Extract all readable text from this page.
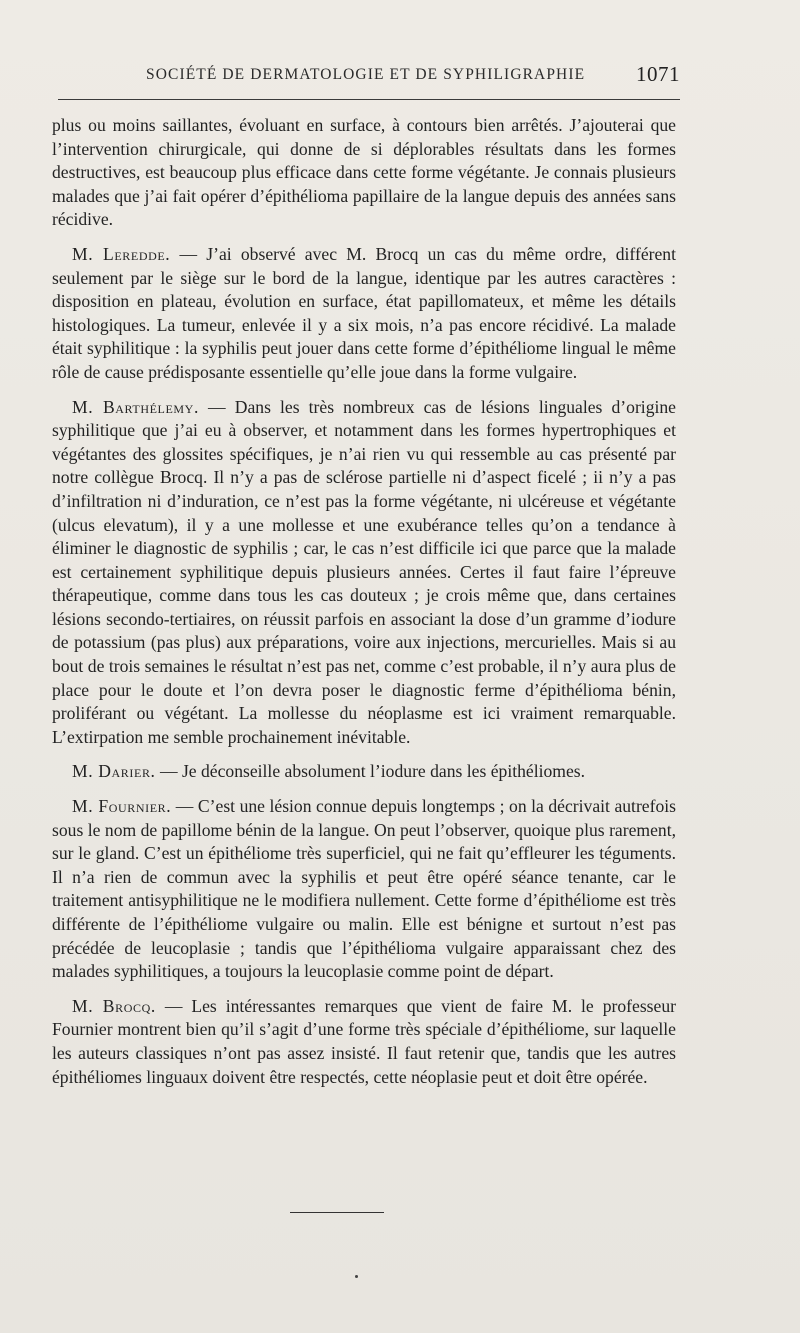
SOCIÉTÉ DE DERMATOLOGIE ET DE SYPHILIGRAPHIE 1071

plus ou moins saillantes, évoluant en surface, à contours bien arrêtés. J’ajouterai que l’intervention chirurgicale, qui donne de si déplorables résultats dans les formes destructives, est beaucoup plus efficace dans cette forme végétante. Je connais plusieurs malades que j’ai fait opérer d’épithélioma papillaire de la langue depuis des années sans récidive.

M. Lereddе. — J’ai observé avec M. Brocq un cas du même ordre, différent seulement par le siège sur le bord de la langue, identique par les autres caractères : disposition en plateau, évolution en surface, état papillomateux, et même les détails histologiques. La tumeur, enlevée il y a six mois, n’a pas encore récidivé. La malade était syphilitique : la syphilis peut jouer dans cette forme d’épithéliome lingual le même rôle de cause prédisposante essentielle qu’elle joue dans la forme vulgaire.

M. Barthélemy. — Dans les très nombreux cas de lésions linguales d’origine syphilitique que j’ai eu à observer, et notamment dans les formes hypertrophiques et végétantes des glossites spécifiques, je n’ai rien vu qui ressemble au cas présenté par notre collègue Brocq. Il n’y a pas de sclérose partielle ni d’aspect ficelé ; ii n’y a pas d’infiltration ni d’induration, ce n’est pas la forme végétante, ni ulcéreuse et végétante (ulcus elevatum), il y a une mollesse et une exubérance telles qu’on a tendance à éliminer le diagnostic de syphilis ; car, le cas n’est difficile ici que parce que la malade est certainement syphilitique depuis plusieurs années. Certes il faut faire l’épreuve thérapeutique, comme dans tous les cas douteux ; je crois même que, dans certaines lésions secondo-tertiaires, on réussit parfois en associant la dose d’un gramme d’iodure de potassium (pas plus) aux préparations, voire aux injections, mercurielles. Mais si au bout de trois semaines le résultat n’est pas net, comme c’est probable, il n’y aura plus de place pour le doute et l’on devra poser le diagnostic ferme d’épithélioma bénin, proliférant ou végétant. La mollesse du néoplasme est ici vraiment remarquable. L’extirpation me semble prochainement inévitable.

M. Darier. — Je déconseille absolument l’iodure dans les épithéliomes.

M. Fournier. — C’est une lésion connue depuis longtemps ; on la décrivait autrefois sous le nom de papillome bénin de la langue. On peut l’observer, quoique plus rarement, sur le gland. C’est un épithéliome très superficiel, qui ne fait qu’effleurer les téguments. Il n’a rien de commun avec la syphilis et peut être opéré séance tenante, car le traitement antisyphilitique ne le modifiera nullement. Cette forme d’épithéliome est très différente de l’épithéliome vulgaire ou malin. Elle est bénigne et surtout n’est pas précédée de leucoplasie ; tandis que l’épithélioma vulgaire apparaissant chez des malades syphilitiques, a toujours la leucoplasie comme point de départ.

M. Brocq. — Les intéressantes remarques que vient de faire M. le professeur Fournier montrent bien qu’il s’agit d’une forme très spéciale d’épithéliome, sur laquelle les auteurs classiques n’ont pas assez insisté. Il faut retenir que, tandis que les autres épithéliomes linguaux doivent être respectés, cette néoplasie peut et doit être opérée.
